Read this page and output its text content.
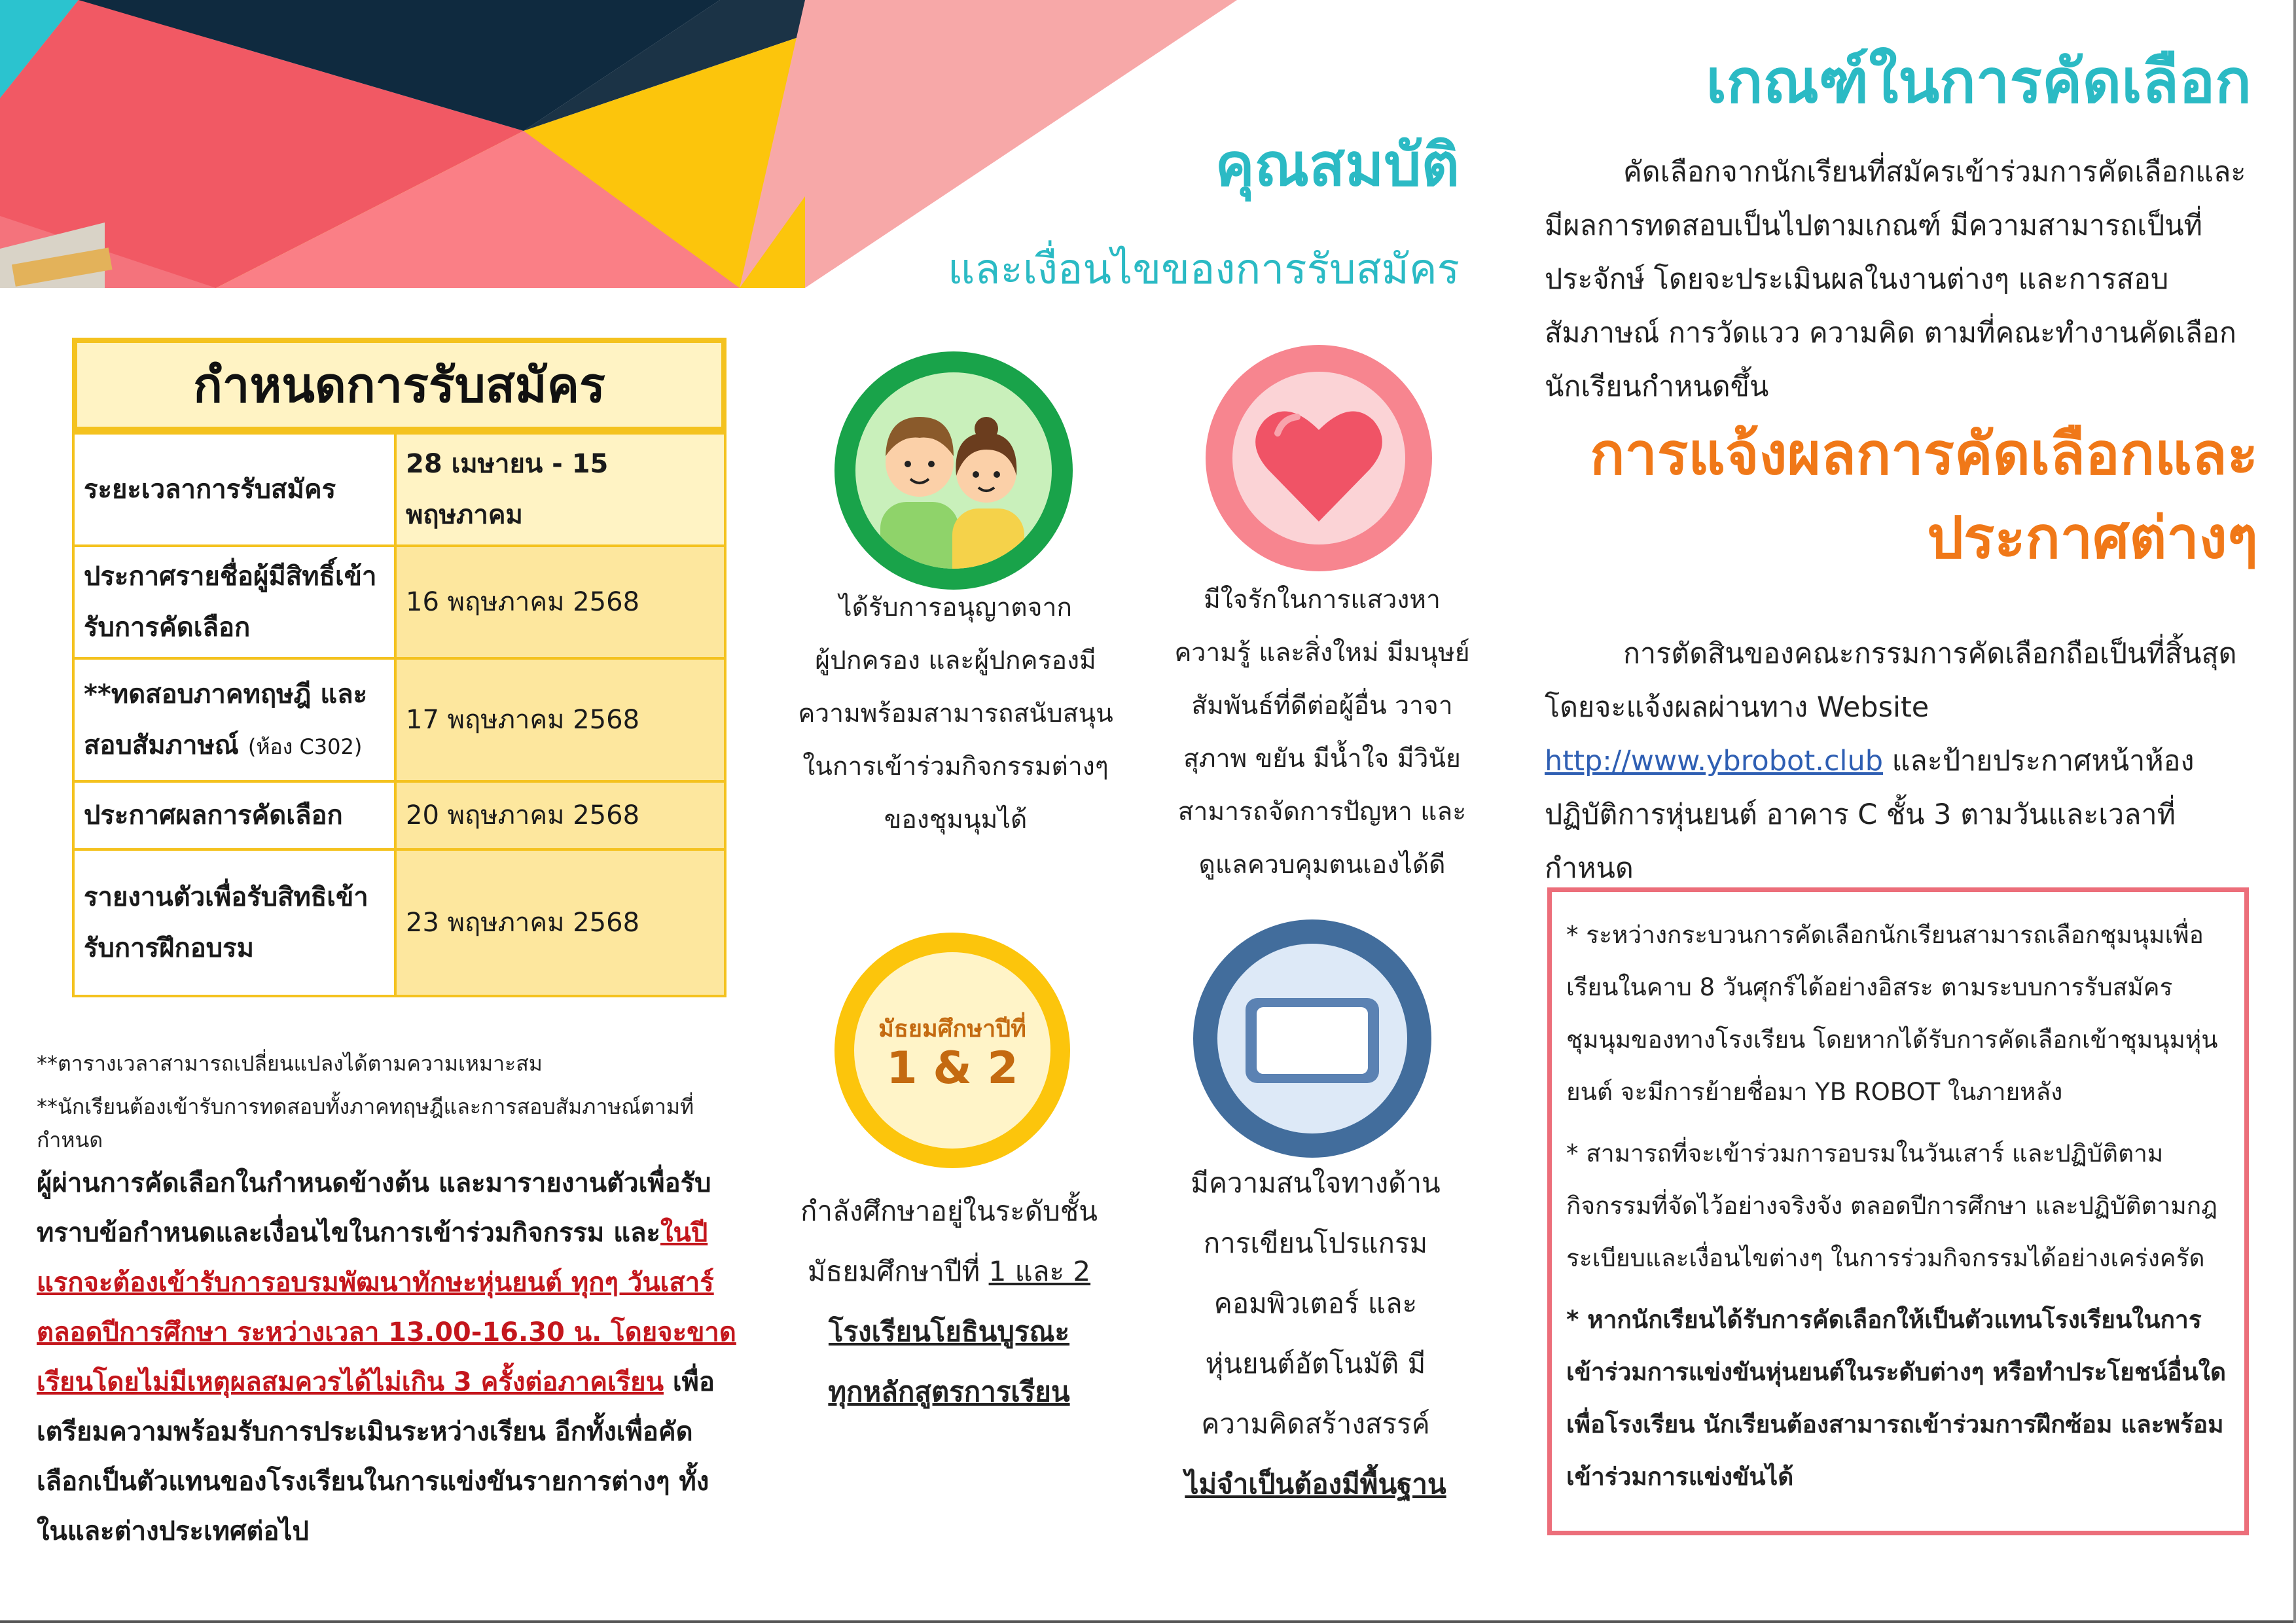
คุณสมบัติ
และเงื่อนไขของการรับสมัคร
กำหนดการรับสมัคร
ระยะเวลาการรับสมัคร	28 เมษายน - 15 พฤษภาคม
ประกาศรายชื่อผู้มีสิทธิ์เข้ารับการคัดเลือก	16 พฤษภาคม 2568
**ทดสอบภาคทฤษฎี และสอบสัมภาษณ์ (ห้อง C302)	17 พฤษภาคม 2568
ประกาศผลการคัดเลือก	20 พฤษภาคม 2568
รายงานตัวเพื่อรับสิทธิเข้ารับการฝึกอบรม	23 พฤษภาคม 2568
**ตารางเวลาสามารถเปลี่ยนแปลงได้ตามความเหมาะสม
**นักเรียนต้องเข้ารับการทดสอบทั้งภาคทฤษฎีและการสอบสัมภาษณ์ตามที่กำหนด
ผู้ผ่านการคัดเลือกในกำหนดข้างต้น และมารายงานตัวเพื่อรับทราบข้อกำหนดและเงื่อนไขในการเข้าร่วมกิจกรรม และในปีแรกจะต้องเข้ารับการอบรมพัฒนาทักษะหุ่นยนต์ ทุกๆ วันเสาร์ ตลอดปีการศึกษา ระหว่างเวลา 13.00-16.30 น. โดยจะขาดเรียนโดยไม่มีเหตุผลสมควรได้ไม่เกิน 3 ครั้งต่อภาคเรียน เพื่อเตรียมความพร้อมรับการประเมินระหว่างเรียน อีกทั้งเพื่อคัดเลือกเป็นตัวแทนของโรงเรียนในการแข่งขันรายการต่างๆ ทั้งในและต่างประเทศต่อไป
ได้รับการอนุญาตจาก
ผู้ปกครอง และผู้ปกครองมี
ความพร้อมสามารถสนับสนุน
ในการเข้าร่วมกิจกรรมต่างๆ
ของชุมนุมได้
มีใจรักในการแสวงหา
ความรู้ และสิ่งใหม่ มีมนุษย์
สัมพันธ์ที่ดีต่อผู้อื่น วาจา
สุภาพ ขยัน มีน้ำใจ มีวินัย
สามารถจัดการปัญหา และ
ดูแลควบคุมตนเองได้ดี
มัธยมศึกษาปีที่
1 & 2
กำลังศึกษาอยู่ในระดับชั้น
มัธยมศึกษาปีที่ 1 และ 2
โรงเรียนโยธินบูรณะ
ทุกหลักสูตรการเรียน
มีความสนใจทางด้าน
การเขียนโปรแกรม
คอมพิวเตอร์ และ
หุ่นยนต์อัตโนมัติ มี
ความคิดสร้างสรรค์
ไม่จำเป็นต้องมีพื้นฐาน
เกณฑ์ในการคัดเลือก
คัดเลือกจากนักเรียนที่สมัครเข้าร่วมการคัดเลือกและมีผลการทดสอบเป็นไปตามเกณฑ์ มีความสามารถเป็นที่ประจักษ์ โดยจะประเมินผลในงานต่างๆ และการสอบสัมภาษณ์ การวัดแวว ความคิด ตามที่คณะทำงานคัดเลือกนักเรียนกำหนดขึ้น
การแจ้งผลการคัดเลือกและ
ประกาศต่างๆ
การตัดสินของคณะกรรมการคัดเลือกถือเป็นที่สิ้นสุดโดยจะแจ้งผลผ่านทาง Website http://www.ybrobot.club และป้ายประกาศหน้าห้องปฏิบัติการหุ่นยนต์ อาคาร C ชั้น 3 ตามวันและเวลาที่กำหนด

* ระหว่างกระบวนการคัดเลือกนักเรียนสามารถเลือกชุมนุมเพื่อเรียนในคาบ 8 วันศุกร์ได้อย่างอิสระ ตามระบบการรับสมัครชุมนุมของทางโรงเรียน โดยหากได้รับการคัดเลือกเข้าชุมนุมหุ่นยนต์ จะมีการย้ายชื่อมา YB ROBOT ในภายหลัง

* สามารถที่จะเข้าร่วมการอบรมในวันเสาร์ และปฏิบัติตามกิจกรรมที่จัดไว้อย่างจริงจัง ตลอดปีการศึกษา และปฏิบัติตามกฎระเบียบและเงื่อนไขต่างๆ ในการร่วมกิจกรรมได้อย่างเคร่งครัด

* หากนักเรียนได้รับการคัดเลือกให้เป็นตัวแทนโรงเรียนในการเข้าร่วมการแข่งขันหุ่นยนต์ในระดับต่างๆ หรือทำประโยชน์อื่นใดเพื่อโรงเรียน นักเรียนต้องสามารถเข้าร่วมการฝึกซ้อม และพร้อมเข้าร่วมการแข่งขันได้
